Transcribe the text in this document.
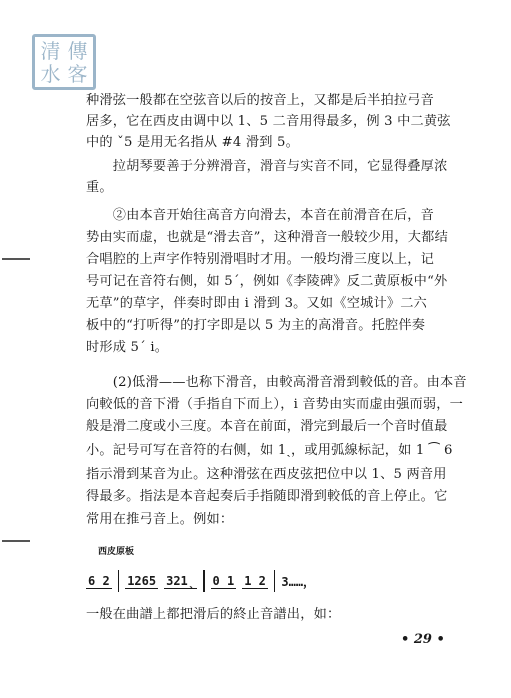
清 傳
水 客

种滑弦一般都在空弦音以后的按音上，又都是后半拍拉弓音

居多，它在西皮由调中以 1、5 二音用得最多，例 3 中二黄弦

中的 ˇ5 是用无名指从 #4 滑到 5。

　　拉胡琴要善于分辨滑音，滑音与实音不同，它显得叠厚浓

重。

　　②由本音开始往高音方向滑去，本音在前滑音在后，音

势由实而虚，也就是“滑去音”，这种滑音一般较少用，大都结

合唱腔的上声字作特别滑唱时才用。一般均滑三度以上，记

号可记在音符右侧，如 5ˊ，例如《李陵碑》反二黄原板中“外

无草”的草字，伴奏时即由 i 滑到 3。又如《空城计》二六

板中的“打听得”的打字即是以 5 为主的高滑音。托腔伴奏

时形成 5ˊ i。

　　(2)低滑——也称下滑音，由較高滑音滑到較低的音。由本音

向較低的音下滑（手指自下而上），i 音势由实而虚由强而弱，一

般是滑二度或小三度。本音在前面，滑完到最后一个音时值最

小。記号可写在音符的右侧，如 1ˎ，或用弧線标記，如 1 ⁀ 6

指示滑到某音为止。这种滑弦在西皮弦把位中以 1、5 两音用

得最多。指法是本音起奏后手指随即滑到較低的音上停止。它

常用在推弓音上。例如：

西皮原板

6 2 1265 321ˎ 0 1 1 2 3……，

一般在曲譜上都把滑后的終止音譜出，如：

• 29 •
